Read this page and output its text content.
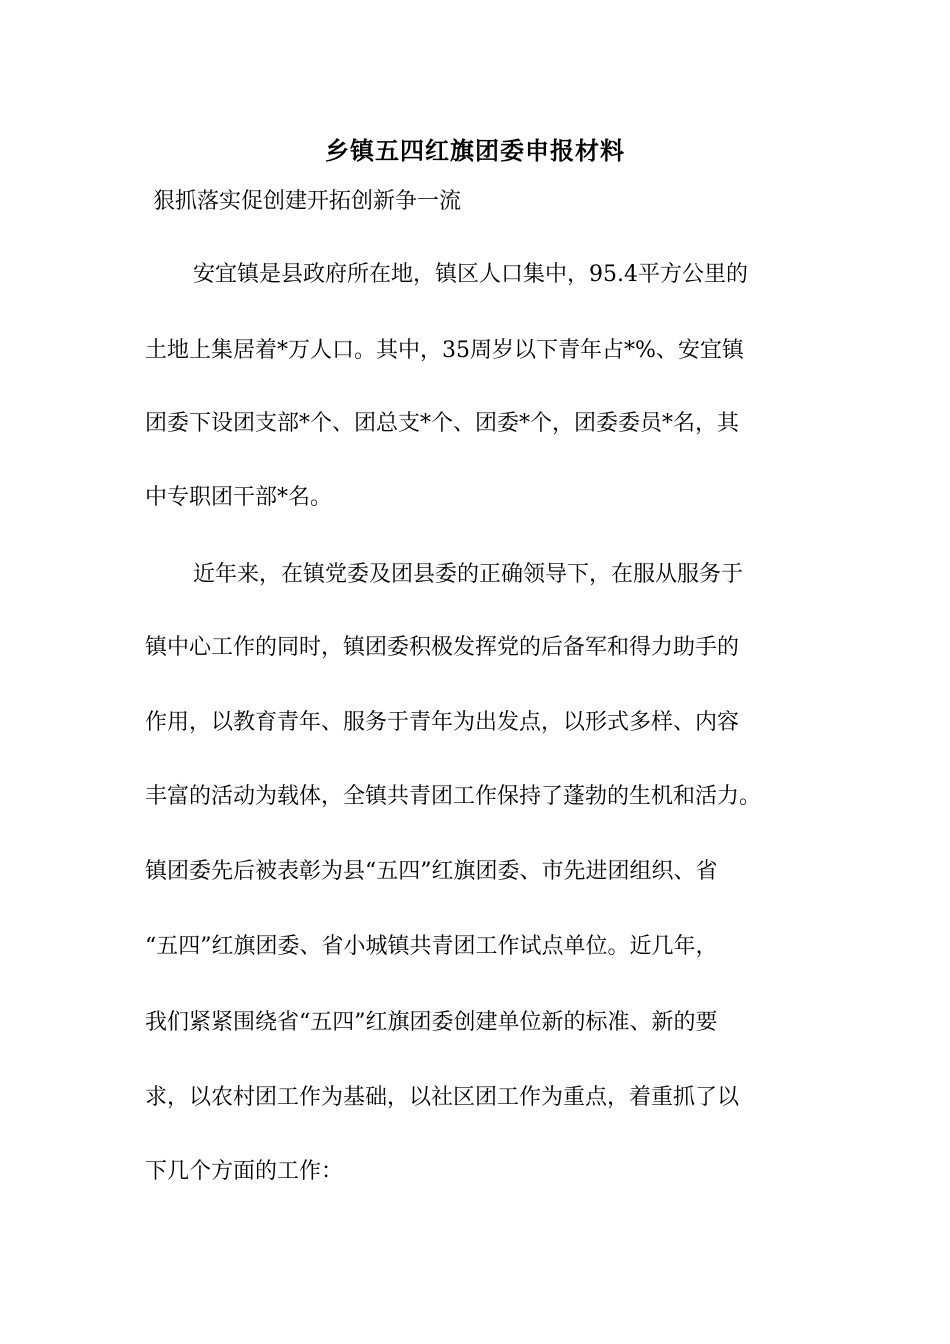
乡镇五四红旗团委申报材料
狠抓落实促创建开拓创新争一流
安宜镇是县政府所在地，镇区人口集中，95.4平方公里的
土地上集居着*万人口。其中，35周岁以下青年占*%、安宜镇
团委下设团支部*个、团总支*个、团委*个，团委委员*名，其
中专职团干部*名。
近年来，在镇党委及团县委的正确领导下，在服从服务于
镇中心工作的同时，镇团委积极发挥党的后备军和得力助手的
作用，以教育青年、服务于青年为出发点，以形式多样、内容
丰富的活动为载体，全镇共青团工作保持了蓬勃的生机和活力。
镇团委先后被表彰为县“五四”红旗团委、市先进团组织、省
“五四”红旗团委、省小城镇共青团工作试点单位。近几年，
我们紧紧围绕省“五四”红旗团委创建单位新的标准、新的要
求，以农村团工作为基础，以社区团工作为重点，着重抓了以
下几个方面的工作：
